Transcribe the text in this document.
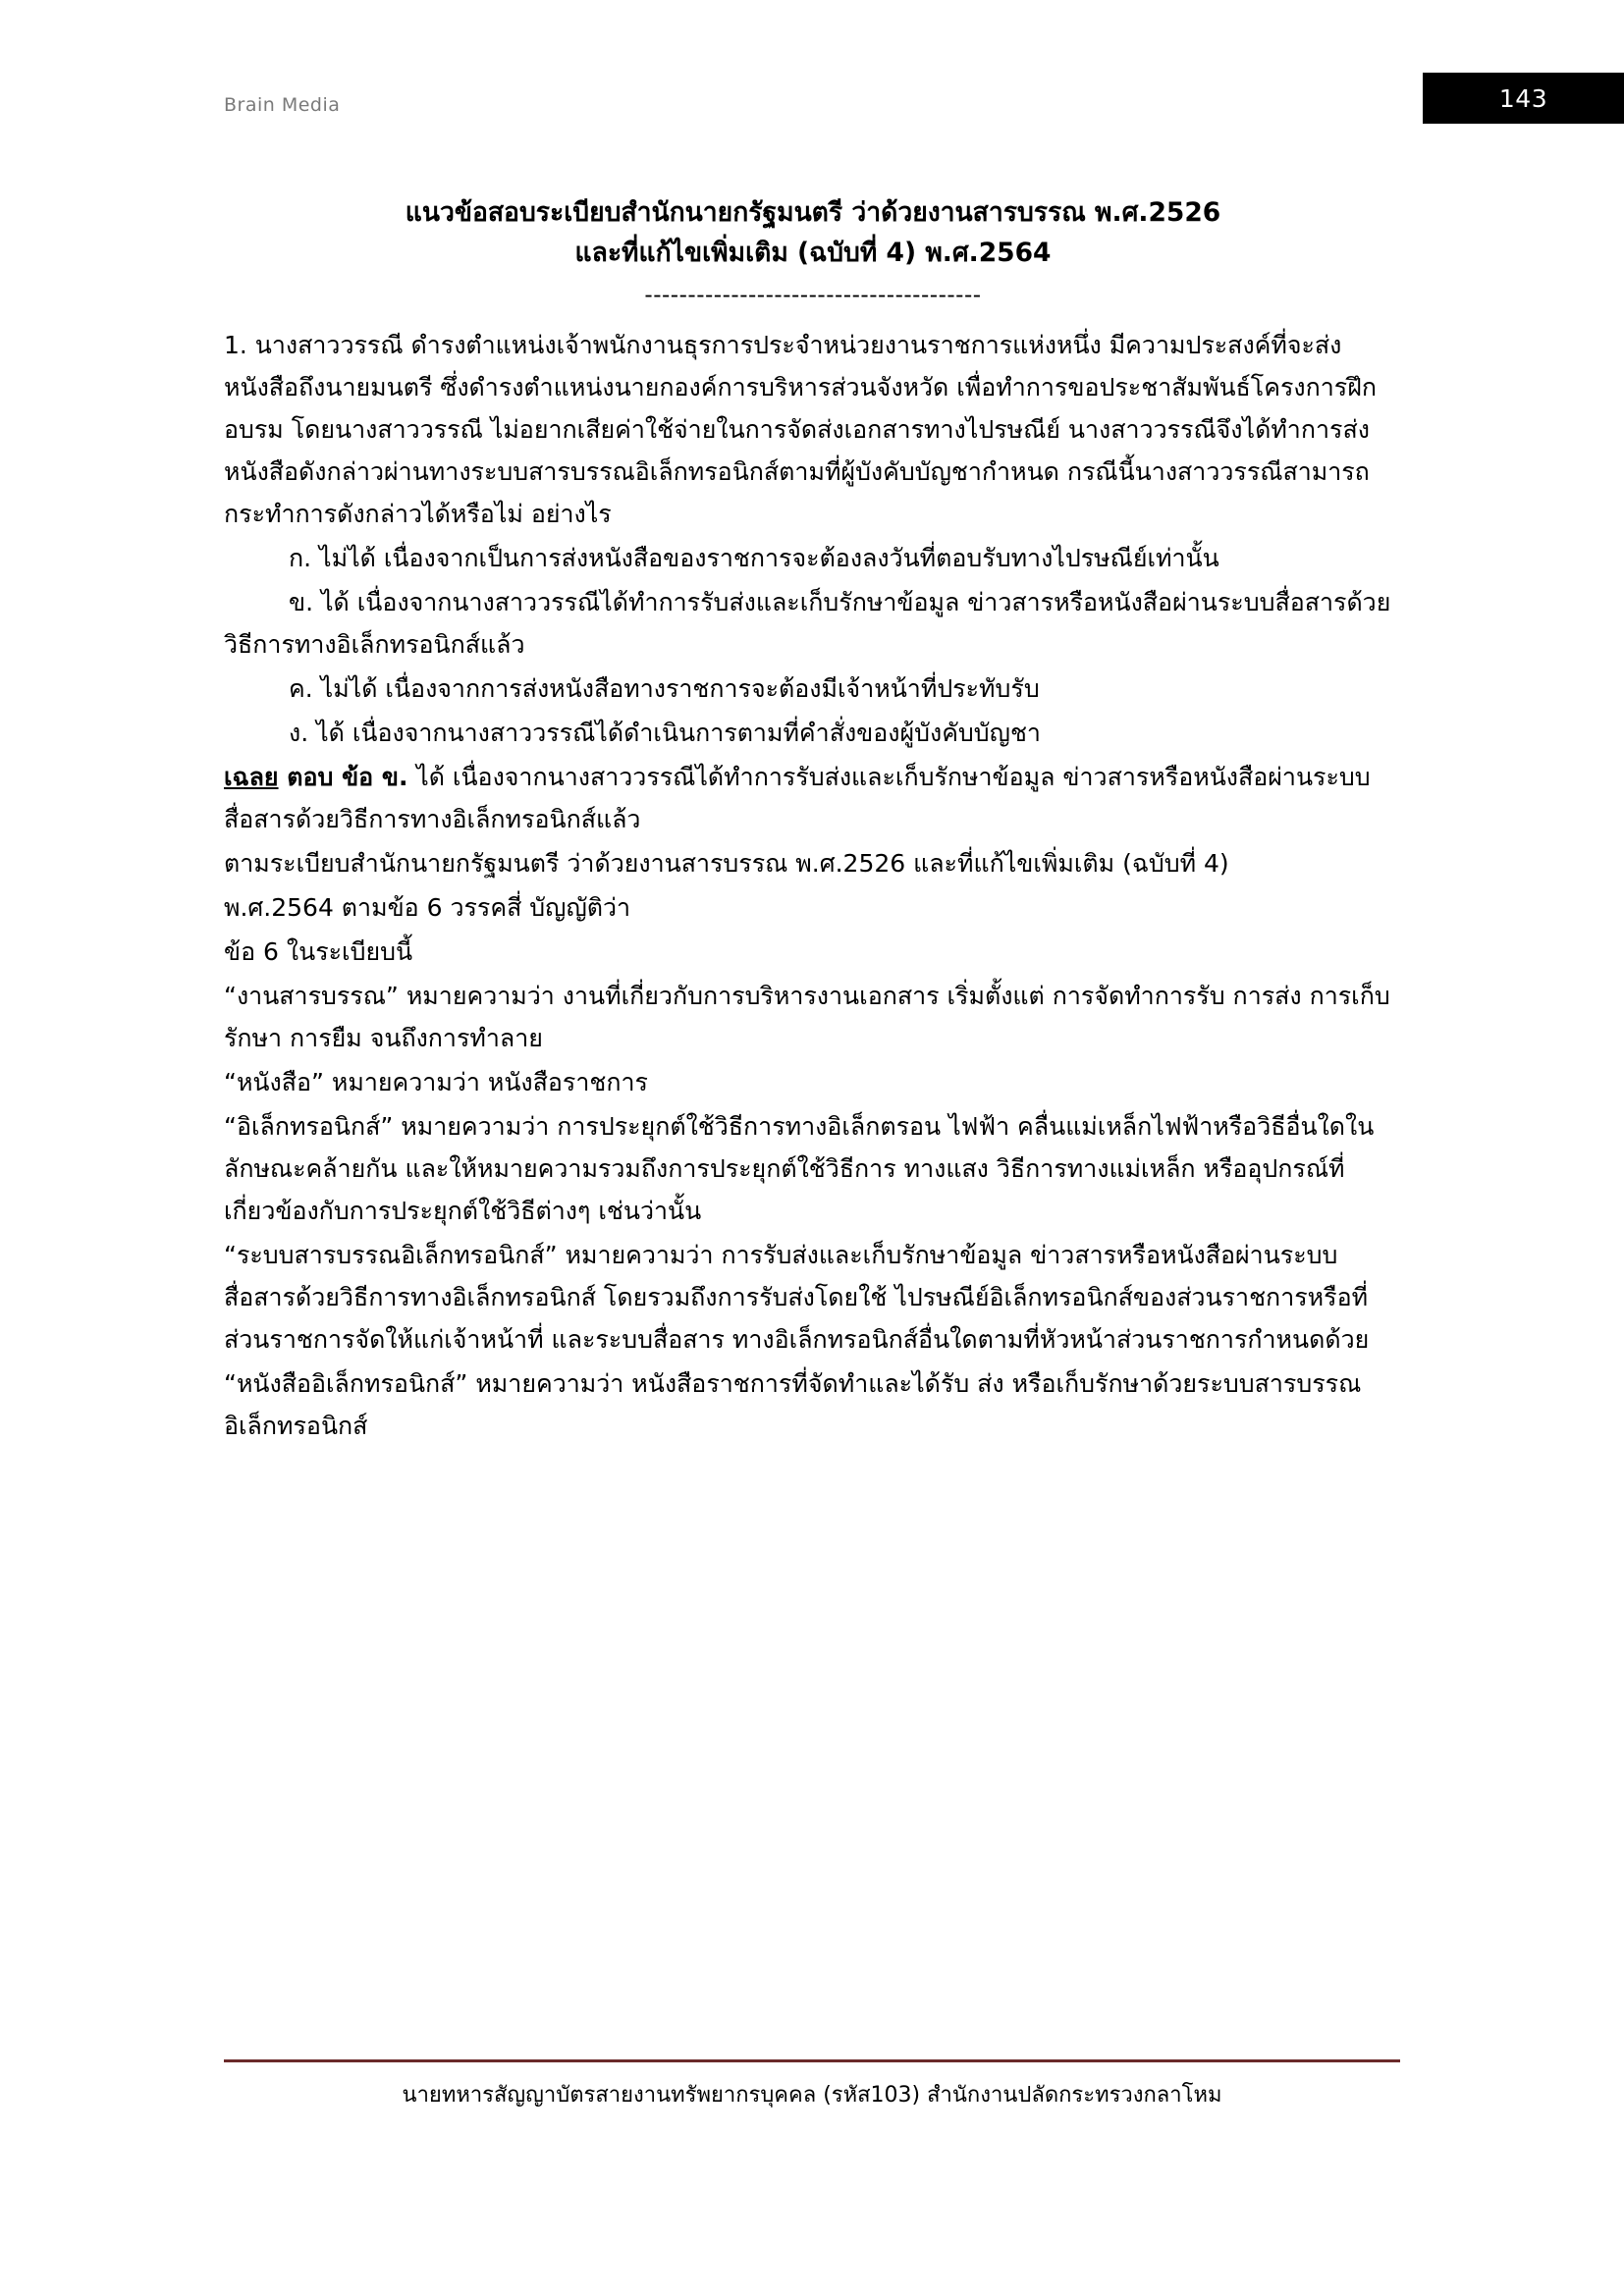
Brain Media	143
แนวข้อสอบระเบียบสำนักนายกรัฐมนตรี ว่าด้วยงานสารบรรณ พ.ศ.2526
และที่แก้ไขเพิ่มเติม (ฉบับที่ 4) พ.ศ.2564
---------------------------------------

1. นางสาววรรณี ดำรงตำแหน่งเจ้าพนักงานธุรการประจำหน่วยงานราชการแห่งหนึ่ง มีความประสงค์ที่จะส่งหนังสือถึงนายมนตรี ซึ่งดำรงตำแหน่งนายกองค์การบริหารส่วนจังหวัด เพื่อทำการขอประชาสัมพันธ์โครงการฝึกอบรม โดยนางสาววรรณี ไม่อยากเสียค่าใช้จ่ายในการจัดส่งเอกสารทางไปรษณีย์ นางสาววรรณีจึงได้ทำการส่งหนังสือดังกล่าวผ่านทางระบบสารบรรณอิเล็กทรอนิกส์ตามที่ผู้บังคับบัญชากำหนด กรณีนี้นางสาววรรณีสามารถกระทำการดังกล่าวได้หรือไม่ อย่างไร

ก. ไม่ได้ เนื่องจากเป็นการส่งหนังสือของราชการจะต้องลงวันที่ตอบรับทางไปรษณีย์เท่านั้น

ข. ได้ เนื่องจากนางสาววรรณีได้ทำการรับส่งและเก็บรักษาข้อมูล ข่าวสารหรือหนังสือผ่านระบบสื่อสารด้วยวิธีการทางอิเล็กทรอนิกส์แล้ว

ค. ไม่ได้ เนื่องจากการส่งหนังสือทางราชการจะต้องมีเจ้าหน้าที่ประทับรับ

ง. ได้ เนื่องจากนางสาววรรณีได้ดำเนินการตามที่คำสั่งของผู้บังคับบัญชา

เฉลย ตอบ ข้อ ข. ได้ เนื่องจากนางสาววรรณีได้ทำการรับส่งและเก็บรักษาข้อมูล ข่าวสารหรือหนังสือผ่านระบบสื่อสารด้วยวิธีการทางอิเล็กทรอนิกส์แล้ว

ตามระเบียบสำนักนายกรัฐมนตรี ว่าด้วยงานสารบรรณ พ.ศ.2526 และที่แก้ไขเพิ่มเติม (ฉบับที่ 4)

พ.ศ.2564 ตามข้อ 6 วรรคสี่ บัญญัติว่า

ข้อ 6 ในระเบียบนี้

“งานสารบรรณ” หมายความว่า งานที่เกี่ยวกับการบริหารงานเอกสาร เริ่มตั้งแต่ การจัดทำการรับ การส่ง การเก็บรักษา การยืม จนถึงการทำลาย

“หนังสือ” หมายความว่า หนังสือราชการ

“อิเล็กทรอนิกส์” หมายความว่า การประยุกต์ใช้วิธีการทางอิเล็กตรอน ไฟฟ้า คลื่นแม่เหล็กไฟฟ้าหรือวิธีอื่นใดในลักษณะคล้ายกัน และให้หมายความรวมถึงการประยุกต์ใช้วิธีการ ทางแสง วิธีการทางแม่เหล็ก หรืออุปกรณ์ที่เกี่ยวข้องกับการประยุกต์ใช้วิธีต่างๆ เช่นว่านั้น

“ระบบสารบรรณอิเล็กทรอนิกส์” หมายความว่า การรับส่งและเก็บรักษาข้อมูล ข่าวสารหรือหนังสือผ่านระบบสื่อสารด้วยวิธีการทางอิเล็กทรอนิกส์ โดยรวมถึงการรับส่งโดยใช้ ไปรษณีย์อิเล็กทรอนิกส์ของส่วนราชการหรือที่ส่วนราชการจัดให้แก่เจ้าหน้าที่ และระบบสื่อสาร ทางอิเล็กทรอนิกส์อื่นใดตามที่หัวหน้าส่วนราชการกำหนดด้วย

“หนังสืออิเล็กทรอนิกส์” หมายความว่า หนังสือราชการที่จัดทำและได้รับ ส่ง หรือเก็บรักษาด้วยระบบสารบรรณอิเล็กทรอนิกส์

นายทหารสัญญาบัตรสายงานทรัพยากรบุคคล (รหัส103) สำนักงานปลัดกระทรวงกลาโหม
